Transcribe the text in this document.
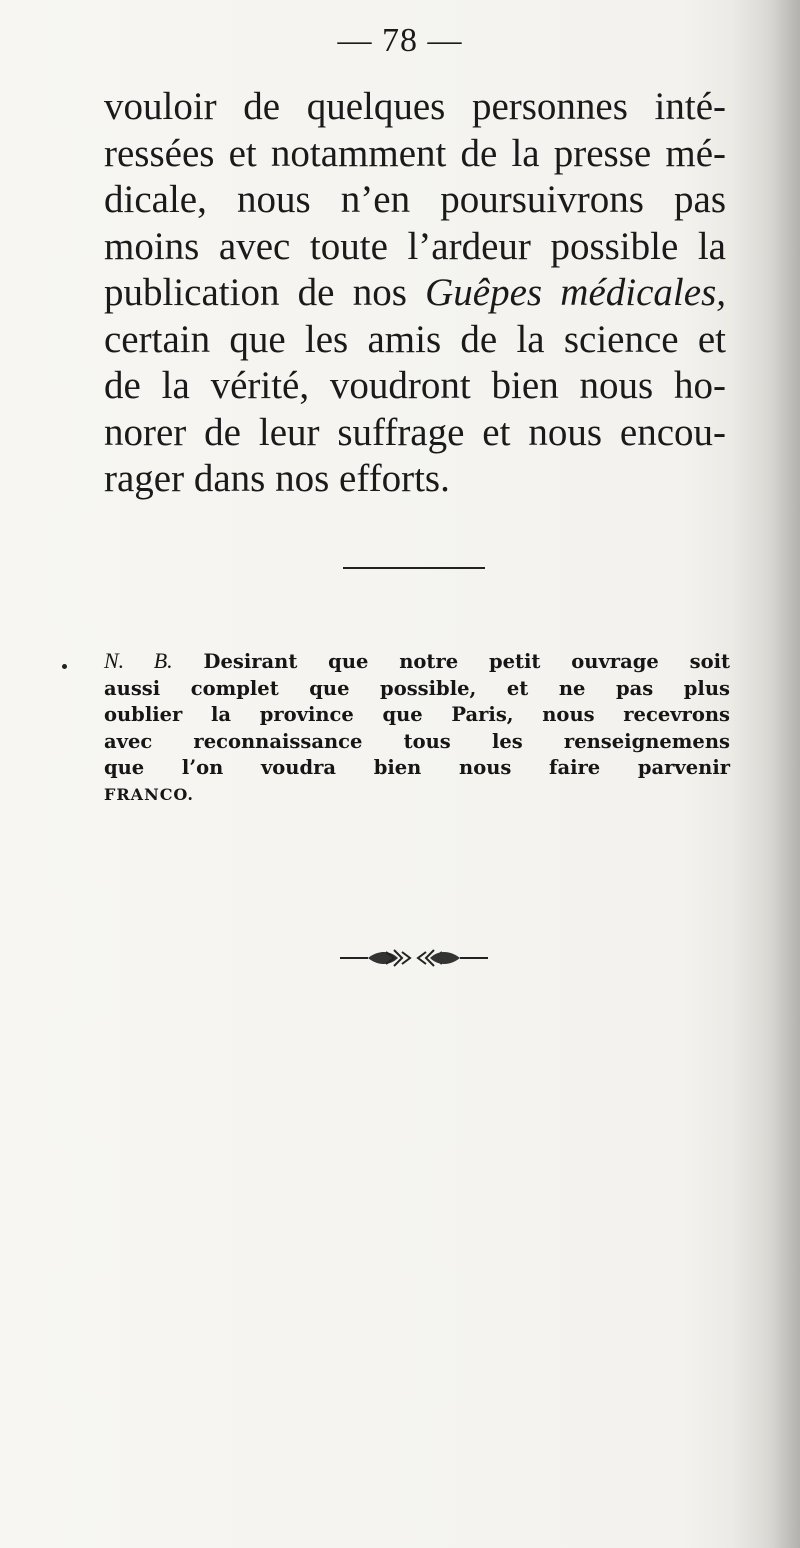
— 78 —
vouloir de quelques personnes inté-
ressées et notamment de la presse mé-
dicale, nous n’en poursuivrons pas
moins avec toute l’ardeur possible la
publication de nos Guêpes médicales,
certain que les amis de la science et
de la vérité, voudront bien nous ho-
norer de leur suffrage et nous encou-
rager dans nos efforts.
N. B. Desirant que notre petit ouvrage soit
aussi complet que possible, et ne pas plus
oublier la province que Paris, nous recevrons
avec reconnaissance tous les renseignemens
que l’on voudra bien nous faire parvenir
FRANCO.
